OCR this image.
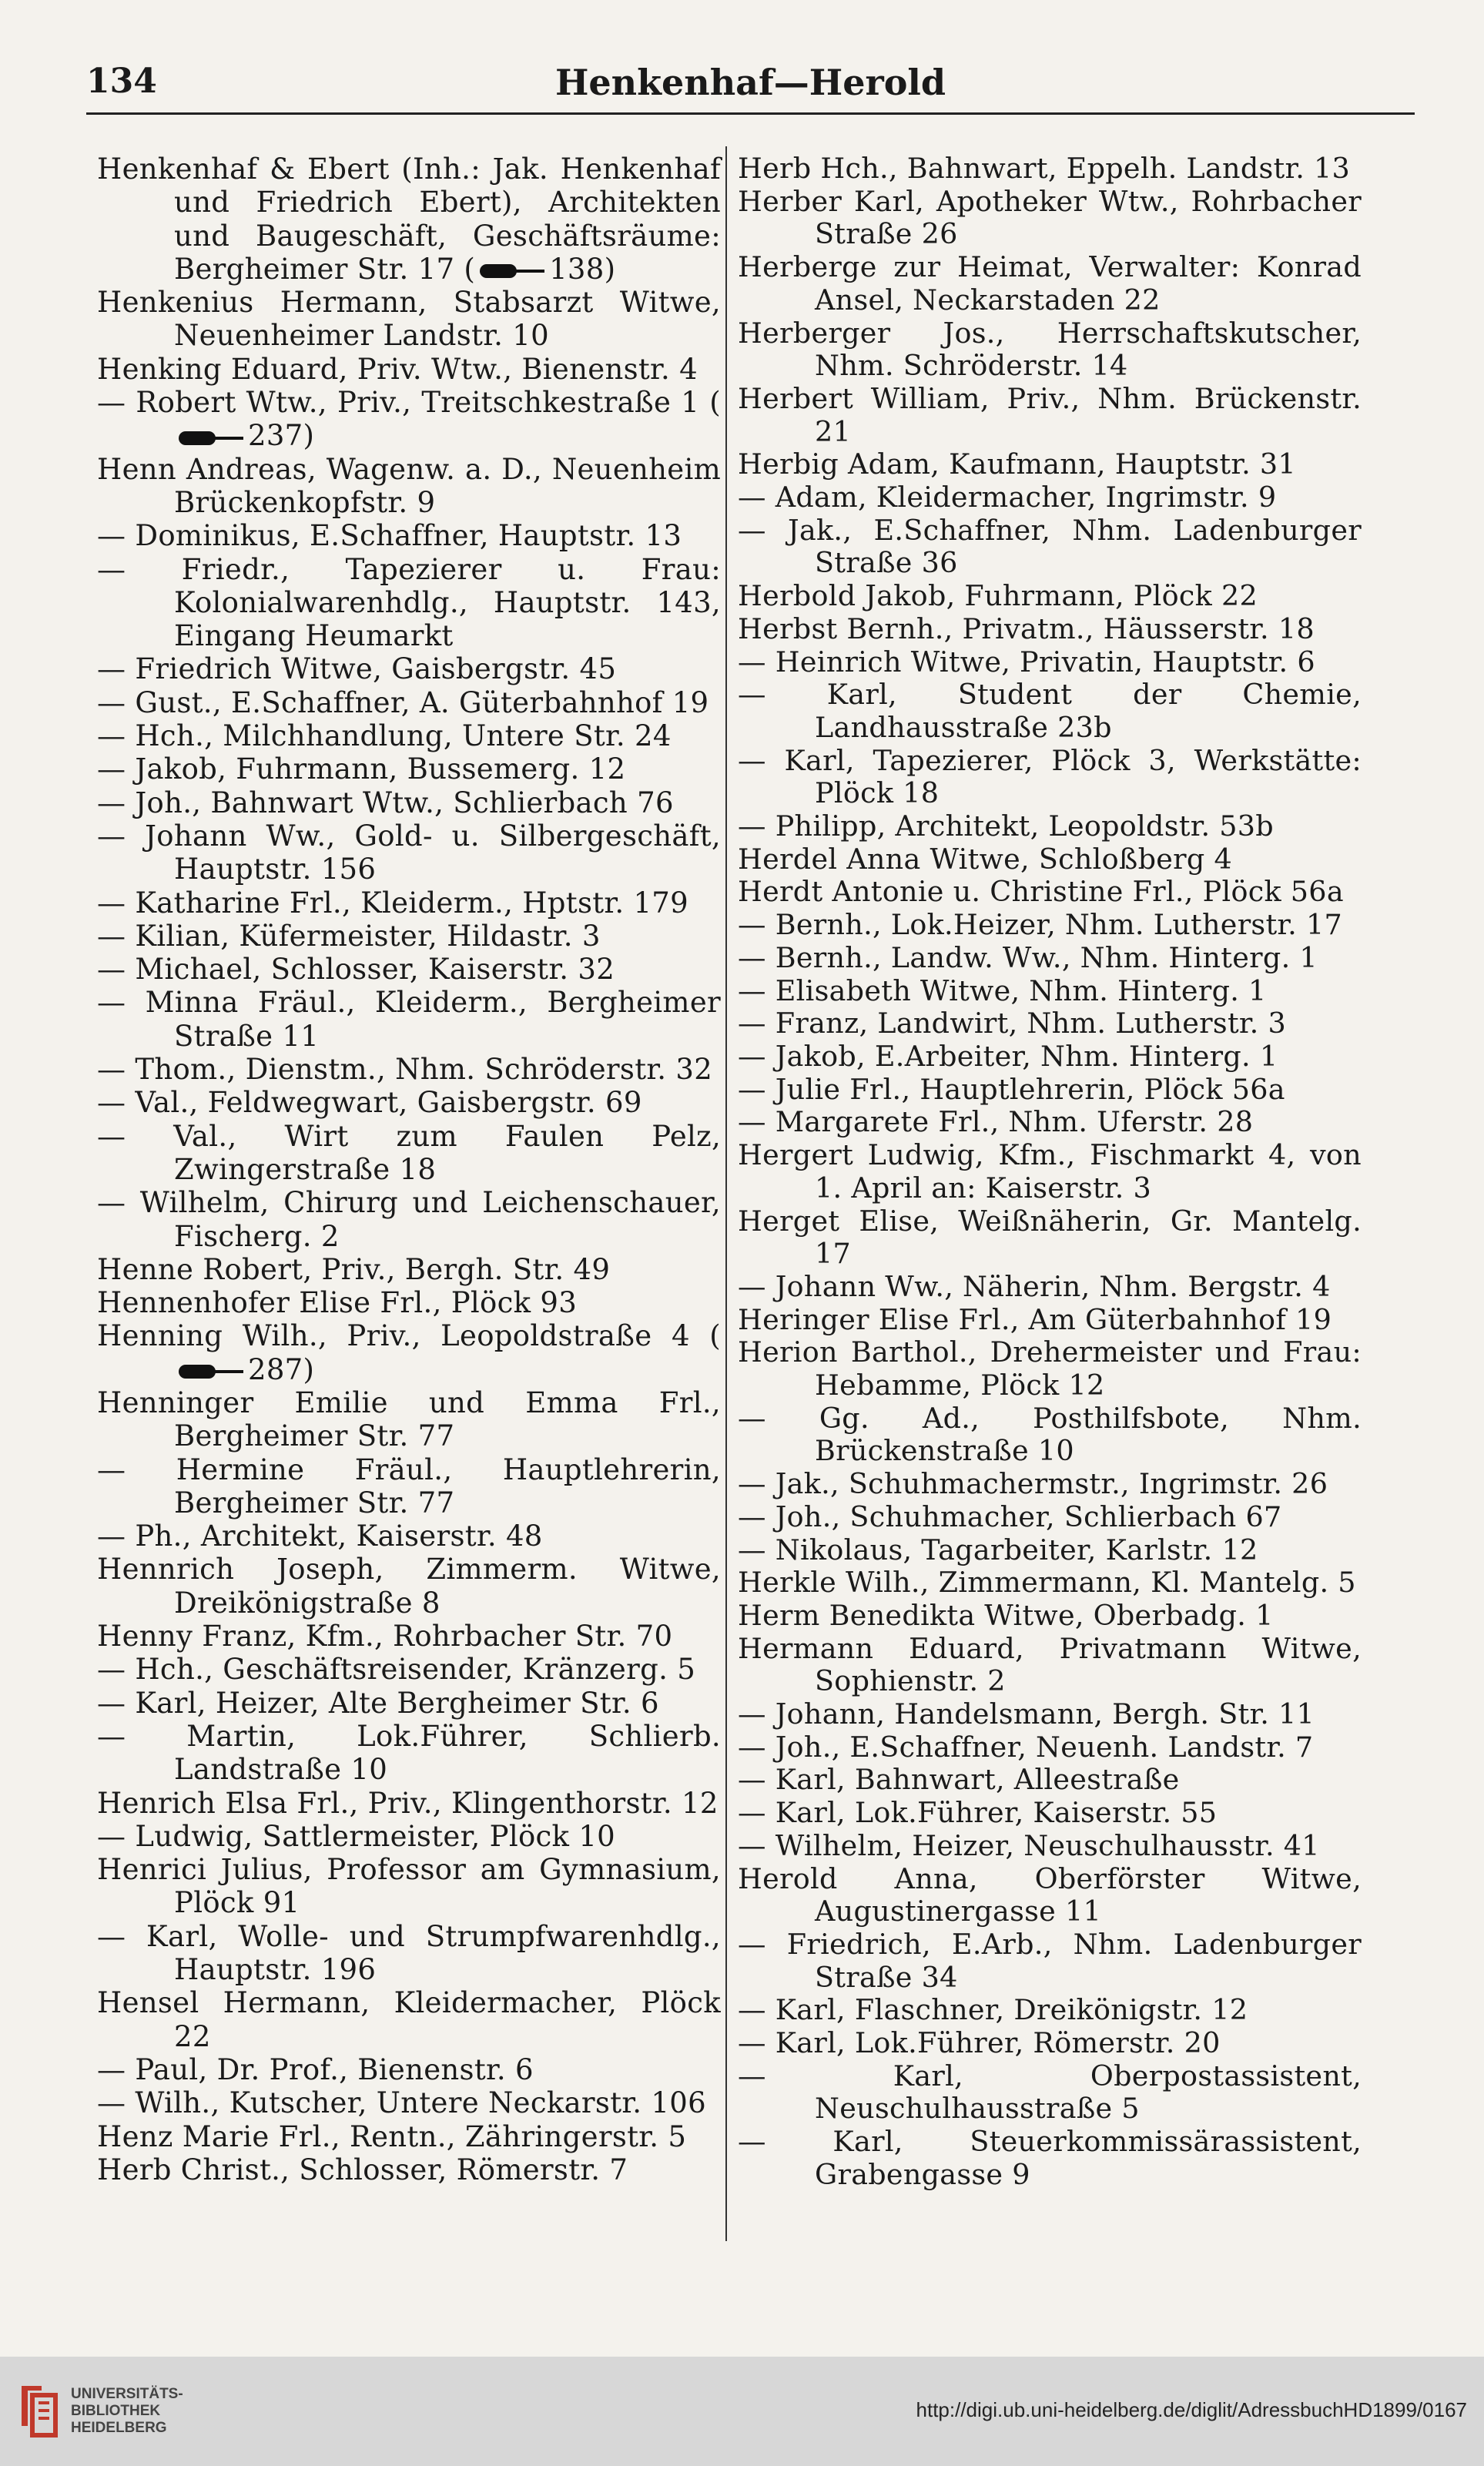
134	Henkenhaf—Herold

Henkenhaf & Ebert (Inh.: Jak. Henkenhaf und Friedrich Ebert), Architekten und Baugeschäft, Geschäftsräume: Bergheimer Str. 17 (	138)

Henkenius Hermann, Stabsarzt Witwe, Neuenheimer Landstr. 10

Henking Eduard, Priv. Wtw., Bienenstr. 4

— Robert Wtw., Priv., Treitschkestraße 1 (237)

Henn Andreas, Wagenw. a. D., Neuenheim Brückenkopfstr. 9

— Dominikus, E.Schaffner, Hauptstr. 13

— Friedr., Tapezierer u. Frau: Kolonialwarenhdlg., Hauptstr. 143, Eingang Heumarkt

— Friedrich Witwe, Gaisbergstr. 45

— Gust., E.Schaffner, A. Güterbahnhof 19

— Hch., Milchhandlung, Untere Str. 24

— Jakob, Fuhrmann, Bussemerg. 12

— Joh., Bahnwart Wtw., Schlierbach 76

— Johann Ww., Gold- u. Silbergeschäft, Hauptstr. 156

— Katharine Frl., Kleiderm., Hptstr. 179

— Kilian, Küfermeister, Hildastr. 3

— Michael, Schlosser, Kaiserstr. 32

— Minna Fräul., Kleiderm., Bergheimer Straße 11

— Thom., Dienstm., Nhm. Schröderstr. 32

— Val., Feldwegwart, Gaisbergstr. 69

— Val., Wirt zum Faulen Pelz, Zwingerstraße 18

— Wilhelm, Chirurg und Leichenschauer, Fischerg. 2

Henne Robert, Priv., Bergh. Str. 49

Hennenhofer Elise Frl., Plöck 93

Henning Wilh., Priv., Leopoldstraße 4 (287)

Henninger Emilie und Emma Frl., Bergheimer Str. 77

— Hermine Fräul., Hauptlehrerin, Bergheimer Str. 77

— Ph., Architekt, Kaiserstr. 48

Hennrich Joseph, Zimmerm. Witwe, Dreikönigstraße 8

Henny Franz, Kfm., Rohrbacher Str. 70

— Hch., Geschäftsreisender, Kränzerg. 5

— Karl, Heizer, Alte Bergheimer Str. 6

— Martin, Lok.Führer, Schlierb. Landstraße 10

Henrich Elsa Frl., Priv., Klingenthorstr. 12

— Ludwig, Sattlermeister, Plöck 10

Henrici Julius, Professor am Gymnasium, Plöck 91

— Karl, Wolle- und Strumpfwarenhdlg., Hauptstr. 196

Hensel Hermann, Kleidermacher, Plöck 22

— Paul, Dr. Prof., Bienenstr. 6

— Wilh., Kutscher, Untere Neckarstr. 106

Henz Marie Frl., Rentn., Zähringerstr. 5

Herb Christ., Schlosser, Römerstr. 7

Herb Hch., Bahnwart, Eppelh. Landstr. 13

Herber Karl, Apotheker Wtw., Rohrbacher Straße 26

Herberge zur Heimat, Verwalter: Konrad Ansel, Neckarstaden 22

Herberger Jos., Herrschaftskutscher, Nhm. Schröderstr. 14

Herbert William, Priv., Nhm. Brückenstr. 21

Herbig Adam, Kaufmann, Hauptstr. 31

— Adam, Kleidermacher, Ingrimstr. 9

— Jak., E.Schaffner, Nhm. Ladenburger Straße 36

Herbold Jakob, Fuhrmann, Plöck 22

Herbst Bernh., Privatm., Häusserstr. 18

— Heinrich Witwe, Privatin, Hauptstr. 6

— Karl, Student der Chemie, Landhausstraße 23b

— Karl, Tapezierer, Plöck 3, Werkstätte: Plöck 18

— Philipp, Architekt, Leopoldstr. 53b

Herdel Anna Witwe, Schloßberg 4

Herdt Antonie u. Christine Frl., Plöck 56a

— Bernh., Lok.Heizer, Nhm. Lutherstr. 17

— Bernh., Landw. Ww., Nhm. Hinterg. 1

— Elisabeth Witwe, Nhm. Hinterg. 1

— Franz, Landwirt, Nhm. Lutherstr. 3

— Jakob, E.Arbeiter, Nhm. Hinterg. 1

— Julie Frl., Hauptlehrerin, Plöck 56a

— Margarete Frl., Nhm. Uferstr. 28

Hergert Ludwig, Kfm., Fischmarkt 4, von 1. April an: Kaiserstr. 3

Herget Elise, Weißnäherin, Gr. Mantelg. 17

— Johann Ww., Näherin, Nhm. Bergstr. 4

Heringer Elise Frl., Am Güterbahnhof 19

Herion Barthol., Drehermeister und Frau: Hebamme, Plöck 12

— Gg. Ad., Posthilfsbote, Nhm. Brückenstraße 10

— Jak., Schuhmachermstr., Ingrimstr. 26

— Joh., Schuhmacher, Schlierbach 67

— Nikolaus, Tagarbeiter, Karlstr. 12

Herkle Wilh., Zimmermann, Kl. Mantelg. 5

Herm Benedikta Witwe, Oberbadg. 1

Hermann Eduard, Privatmann Witwe, Sophienstr. 2

— Johann, Handelsmann, Bergh. Str. 11

— Joh., E.Schaffner, Neuenh. Landstr. 7

— Karl, Bahnwart, Alleestraße

— Karl, Lok.Führer, Kaiserstr. 55

— Wilhelm, Heizer, Neuschulhausstr. 41

Herold Anna, Oberförster Witwe, Augustinergasse 11

— Friedrich, E.Arb., Nhm. Ladenburger Straße 34

— Karl, Flaschner, Dreikönigstr. 12

— Karl, Lok.Führer, Römerstr. 20

— Karl, Oberpostassistent, Neuschulhausstraße 5

— Karl, Steuerkommissärassistent, Grabengasse 9

UNIVERSITÄTS-
BIBLIOTHEK
HEIDELBERG
http://digi.ub.uni-heidelberg.de/diglit/AdressbuchHD1899/0167
